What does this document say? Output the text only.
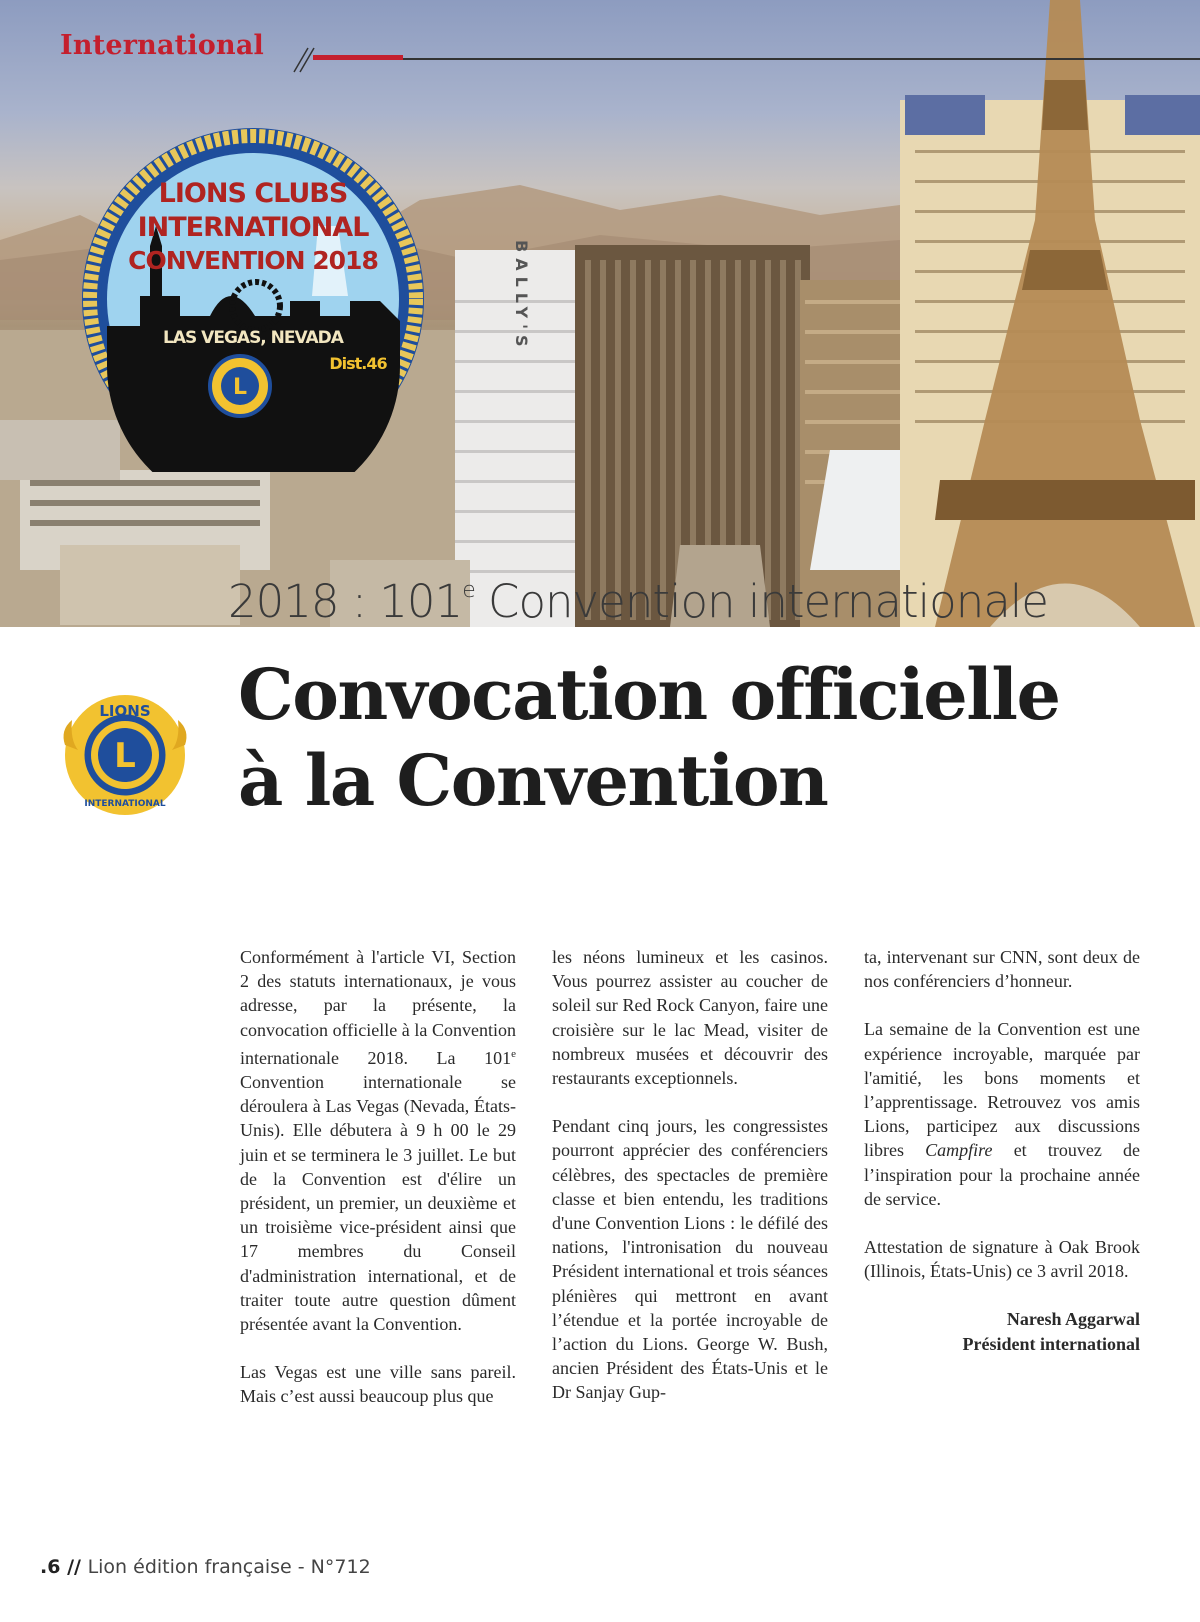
BALLY'S
International
L
LIONS CLUBS
INTERNATIONAL
CONVENTION 2018
LAS VEGAS, NEVADA
Dist.46
2018 : 101e Convention internationale
L
LIONS
INTERNATIONAL
Convocation officielle
à la Convention

Conformément à l'article VI, Section 2 des statuts internationaux, je vous adresse, par la présente, la convocation officielle à la Convention internationale 2018. La 101e Convention internationale se déroulera à Las Vegas (Nevada, États-Unis). Elle débutera à 9 h 00 le 29 juin et se terminera le 3 juillet. Le but de la Convention est d'élire un président, un premier, un deuxième et un troisième vice-président ainsi que 17 membres du Conseil d'administration international, et de traiter toute autre question dûment présentée avant la Convention.

Las Vegas est une ville sans pareil. Mais c’est aussi beaucoup plus que

les néons lumineux et les casinos. Vous pourrez assister au coucher de soleil sur Red Rock Canyon, faire une croisière sur le lac Mead, visiter de nombreux musées et découvrir des restaurants exceptionnels.

Pendant cinq jours, les congressistes pourront apprécier des conférenciers célèbres, des spectacles de première classe et bien entendu, les traditions d'une Convention Lions : le défilé des nations, l'intronisation du nouveau Président international et trois séances plénières qui mettront en avant l’étendue et la portée incroyable de l’action du Lions. George W. Bush, ancien Président des États-Unis et le Dr Sanjay Gup-

ta, intervenant sur CNN, sont deux de nos conférenciers d’honneur.

La semaine de la Convention est une expérience incroyable, marquée par l'amitié, les bons moments et l’apprentissage. Retrouvez vos amis Lions, participez aux discussions libres Campfire et trouvez de l’inspiration pour la prochaine année de service.

Attestation de signature à Oak Brook (Illinois, États-Unis) ce 3 avril 2018.

Naresh Aggarwal
Président international
.6 // Lion édition française - N°712
